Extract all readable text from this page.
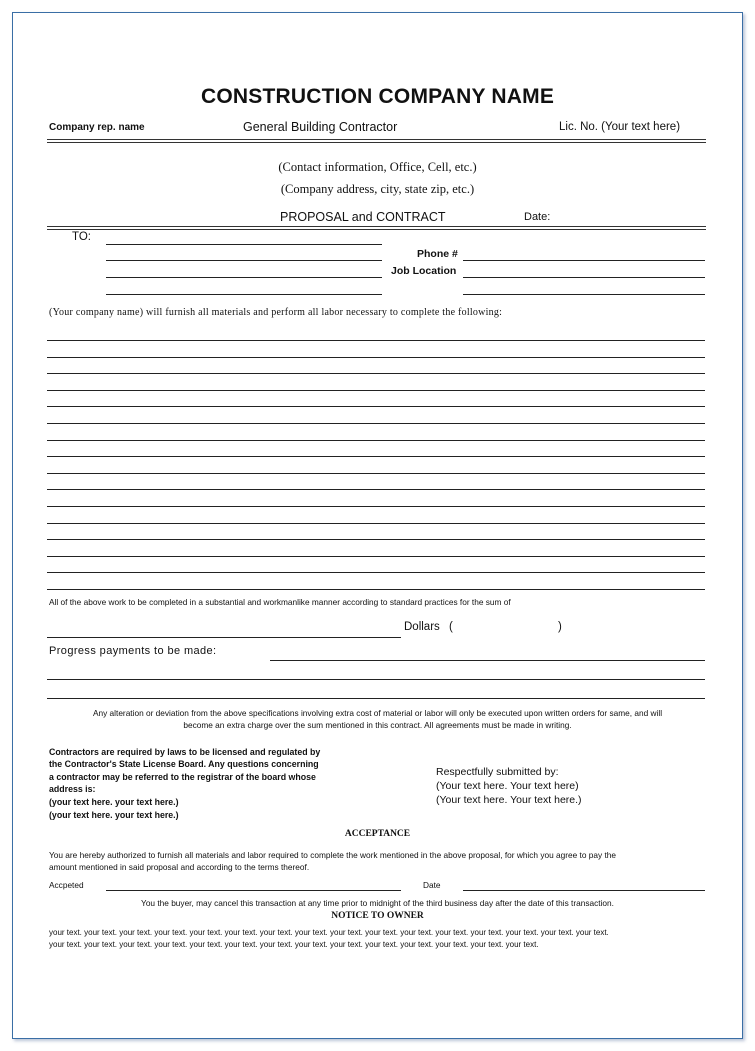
CONSTRUCTION COMPANY NAME
Company rep. name	General Building Contractor	Lic. No. (Your text here)
(Contact information, Office, Cell, etc.)
(Company address, city, state zip, etc.)
PROPOSAL and CONTRACT	Date:
TO:
Phone #
Job Location
(Your company name) will furnish all materials and perform all labor necessary to complete the following:
All of the above work to be completed in a substantial and workmanlike manner according to standard practices for the sum of
Dollars (	)
Progress payments to be made:
Any alteration or deviation from the above specifications involving extra cost of material or labor will only be executed upon written orders for same, and will
become an extra charge over the sum mentioned in this contract. All agreements must be made in writing.
Contractors are required by laws to be licensed and regulated by
the Contractor's State License Board. Any questions concerning
a contractor may be referred to the registrar of the board whose
address is:
(your text here. your text here.)
(your text here. your text here.)
Respectfully submitted by:
(Your text here. Your text here)
(Your text here. Your text here.)
ACCEPTANCE
You are hereby authorized to furnish all materials and labor required to complete the work mentioned in the above proposal, for which you agree to pay the
amount mentioned in said proposal and according to the terms thereof.
Accpeted	Date
You the buyer, may cancel this transaction at any time prior to midnight of the third business day after the date of this transaction.
NOTICE TO OWNER
your text. your text. your text. your text. your text. your text. your text. your text. your text. your text. your text. your text. your text. your text. your text. your text.
your text. your text. your text. your text. your text. your text. your text. your text. your text. your text. your text. your text. your text. your text.
